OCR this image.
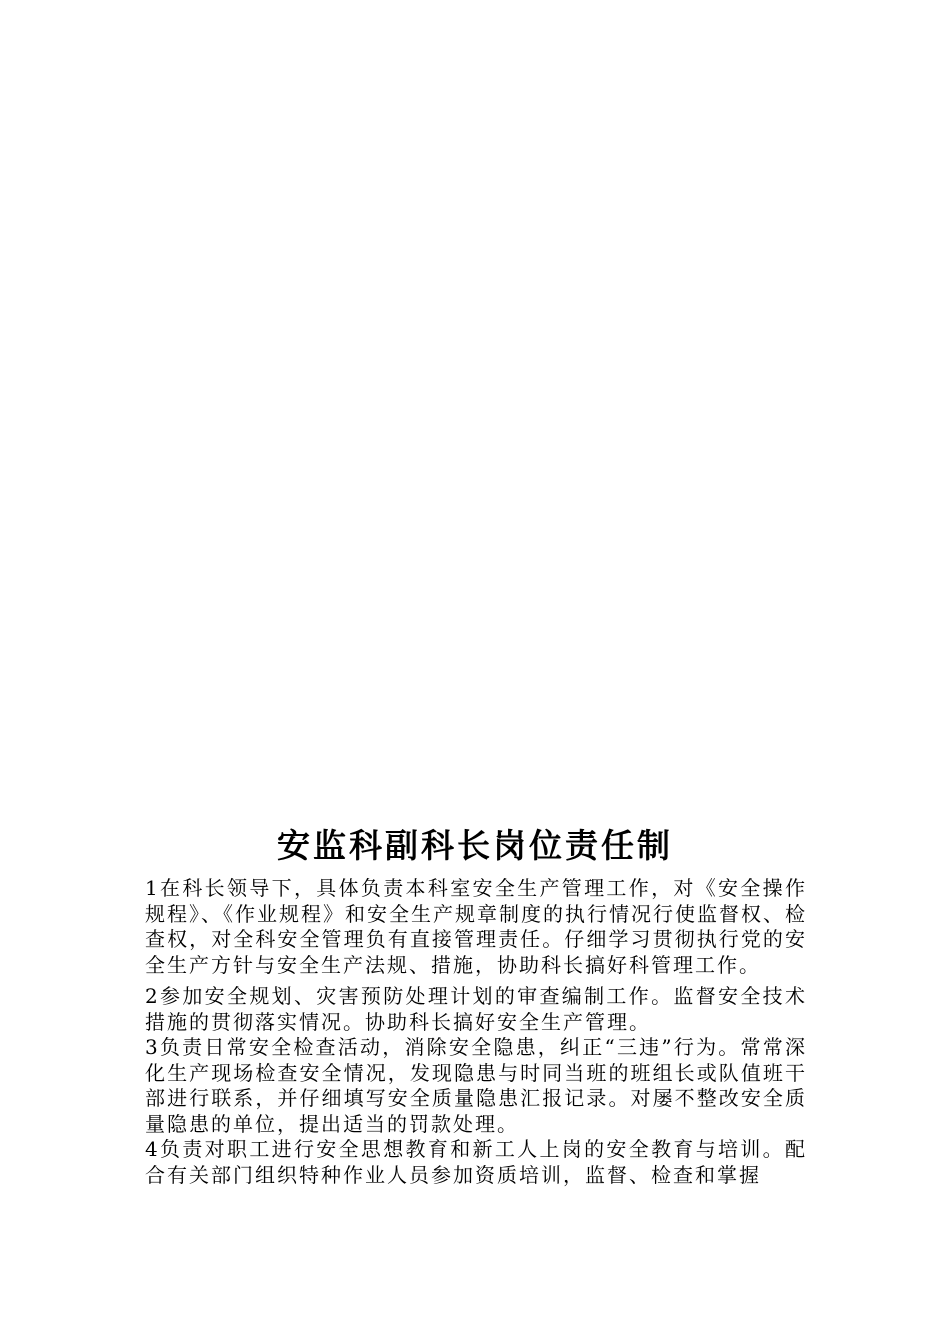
安监科副科长岗位责任制

1在科长领导下，具体负责本科室安全生产管理工作，对《安全操作规程》、《作业规程》和安全生产规章制度的执行情况行使监督权、检查权，对全科安全管理负有直接管理责任。仔细学习贯彻执行党的安全生产方针与安全生产法规、措施，协助科长搞好科管理工作。

2参加安全规划、灾害预防处理计划的审查编制工作。监督安全技术措施的贯彻落实情况。协助科长搞好安全生产管理。

3负责日常安全检查活动，消除安全隐患，纠正“三违”行为。常常深化生产现场检查安全情况，发现隐患与时同当班的班组长或队值班干部进行联系，并仔细填写安全质量隐患汇报记录。对屡不整改安全质量隐患的单位，提出适当的罚款处理。

4负责对职工进行安全思想教育和新工人上岗的安全教育与培训。配合有关部门组织特种作业人员参加资质培训，监督、检查和掌握
